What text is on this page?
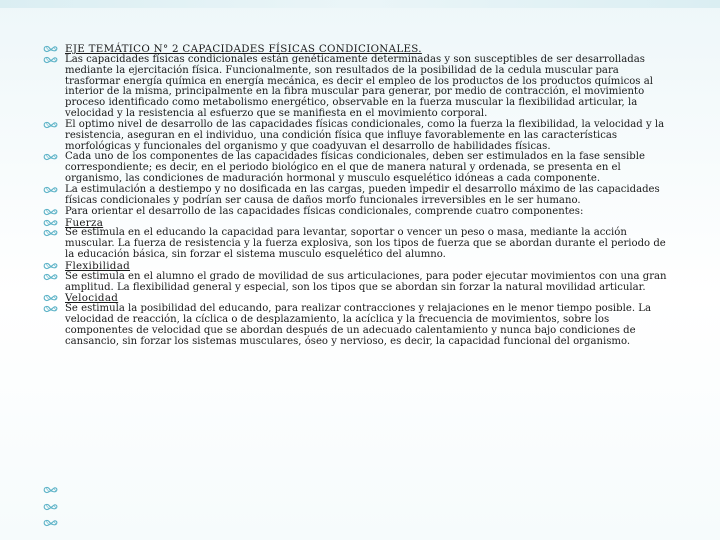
EJE TEMÁTICO N° 2 CAPACIDADES FÍSICAS CONDICIONALES.
Las capacidades físicas condicionales están genéticamente determinadas y son susceptibles de ser desarrolladas mediante la ejercitación física. Funcionalmente, son resultados de la posibilidad de la cedula muscular para trasformar energía química en energía mecánica, es decir el empleo de los productos de los productos químicos al interior de la misma, principalmente en la fibra muscular para generar, por medio de contracción, el movimiento proceso identificado como metabolismo energético, observable en la fuerza muscular la flexibilidad articular, la velocidad y la resistencia al esfuerzo que se manifiesta en el movimiento corporal.
El optimo nivel de desarrollo de las capacidades físicas condicionales, como la fuerza la flexibilidad, la velocidad y la resistencia, aseguran en el individuo, una condición física que influye favorablemente en las características morfológicas y funcionales del organismo y que coadyuvan el desarrollo de habilidades físicas.
Cada uno de los componentes de las capacidades físicas condicionales, deben ser estimulados en la fase sensible correspondiente; es decir, en el periodo biológico en el que de manera natural y ordenada, se presenta en el organismo, las condiciones de maduración hormonal y musculo esquelético idóneas a cada componente.
La estimulación a destiempo y no dosificada en las cargas, pueden impedir el desarrollo máximo de las capacidades físicas condicionales y podrían ser causa de daños morfo funcionales irreversibles en le ser humano.
Para orientar el desarrollo de las capacidades físicas condicionales, comprende cuatro componentes:
Fuerza
Se estimula en el educando la capacidad para levantar, soportar o vencer un peso o masa, mediante la acción muscular. La fuerza de resistencia y la fuerza explosiva, son los tipos de fuerza que se abordan durante el periodo de la educación básica, sin forzar el sistema musculo esquelético del alumno.
Flexibilidad
Se estimula en el alumno el grado de movilidad de sus articulaciones, para poder ejecutar movimientos con una gran amplitud. La flexibilidad general y especial, son los tipos que se abordan sin forzar la natural movilidad articular.
Velocidad
Se estimula la posibilidad del educando, para realizar contracciones y relajaciones en le menor tiempo posible. La velocidad de reacción, la cíclica o de desplazamiento, la acíclica y la frecuencia de movimientos, sobre los componentes de velocidad que se abordan después de un adecuado calentamiento y nunca bajo condiciones de cansancio, sin forzar los sistemas musculares, óseo y nervioso, es decir, la capacidad funcional del organismo.
